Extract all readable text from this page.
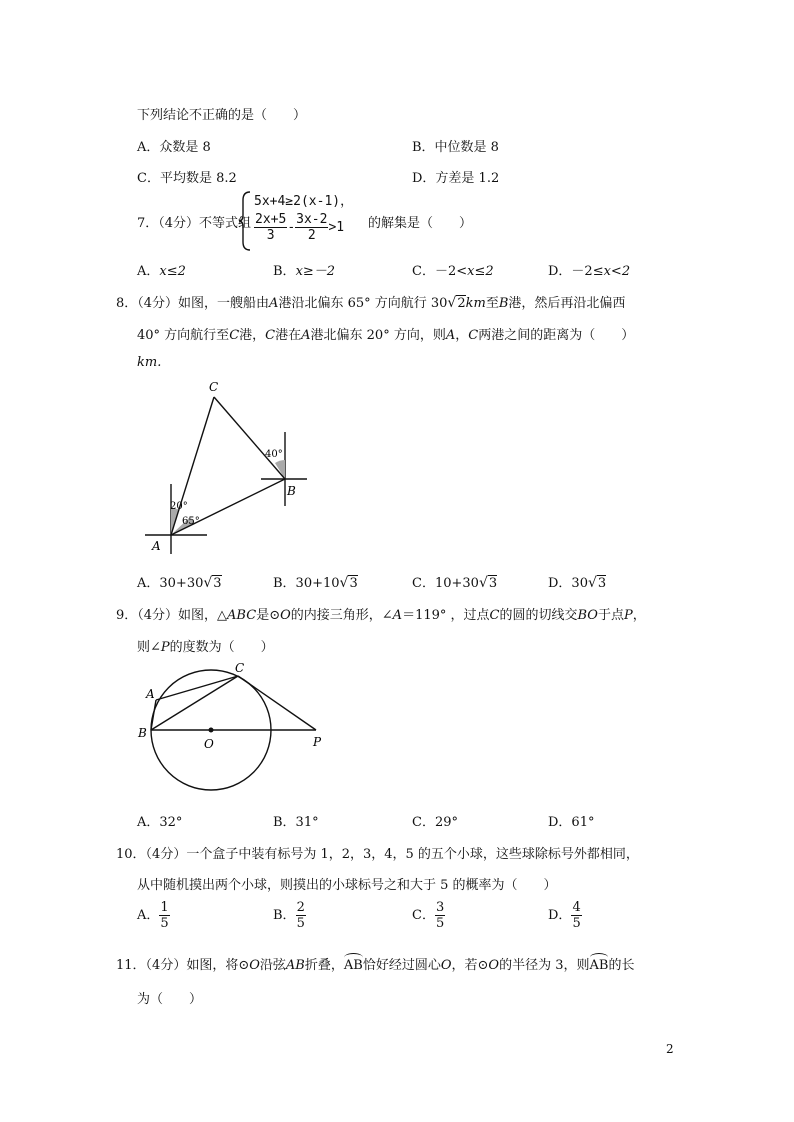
下列结论不正确的是（　　）
A．众数是 8	B．中位数是 8
C．平均数是 8.2	D．方差是 1.2
7．（4分）不等式组
5x+4≥2(x-1)，
$\frac{2x+5}{3} - \frac{3x-2}{2} >1$ 的解集是（　　）
A．x≤2	B．x≥－2	C．－2<x≤2	D．－2≤x<2
8．（4分）如图，一艘船由A港沿北偏东 65° 方向航行 30√2km至B港，然后再沿北偏西
40° 方向航行至C港，C港在A港北偏东 20° 方向，则A，C两港之间的距离为（　　）
km.
C
B
A
40°
20°
65°
A．30+30√3	B．30+10√3	C．10+30√3	D．30√3
9．（4分）如图，△ABC是⊙O的内接三角形，∠A＝119° ，过点C的圆的切线交BO于点P，
则∠P的度数为（　　）
A
B
C
O	P
A．32°	B．31°	C．29°	D．61°
10．（4分）一个盒子中装有标号为 1，2，3，4，5 的五个小球，这些球除标号外都相同，
从中随机摸出两个小球，则摸出的小球标号之和大于 5 的概率为（　　）
A． $\frac{1}{5}$	B． $\frac{2}{5}$	C． $\frac{3}{5}$	D． $\frac{4}{5}$
11．（4分）如图，将⊙O沿弦AB折叠，AB恰好经过圆心O，若⊙O的半径为 3，则AB的长
为（　　）
2
